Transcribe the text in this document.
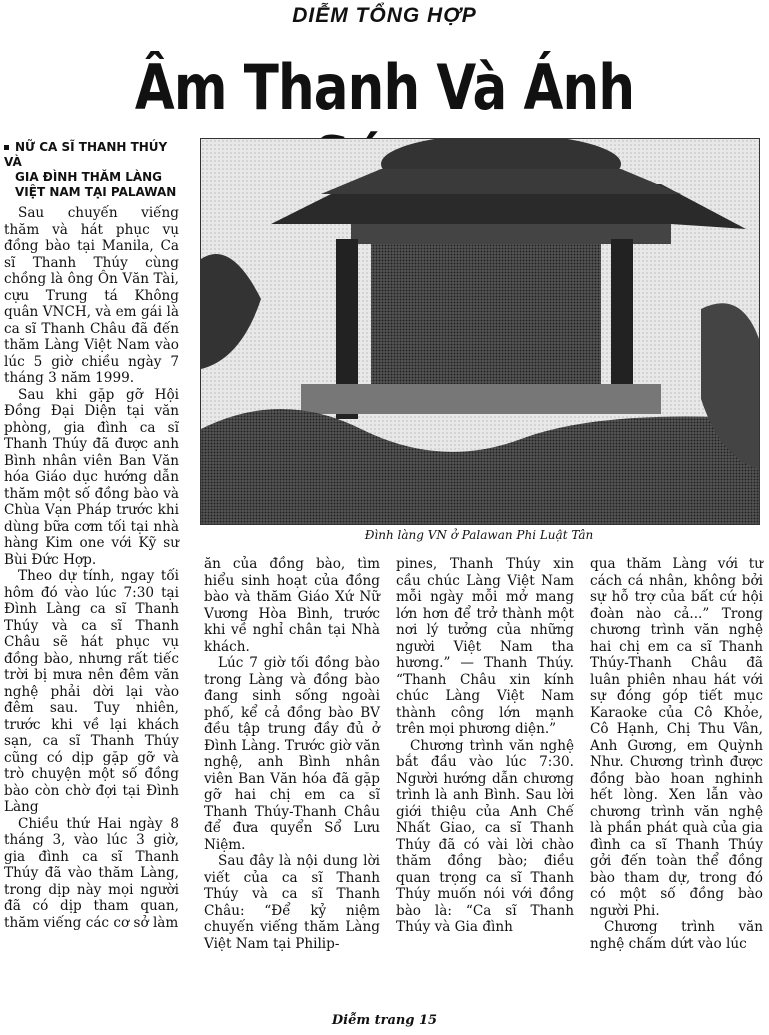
DIỄM TỔNG HỢP
Âm Thanh Và Ánh
NỮ CA SĨ THANH THÚY VÀ
GIA ĐÌNH THĂM LÀNG
VIỆT NAM TẠI PALAWAN
Đình làng VN ở Palawan Phi Luật Tân

Sau chuyến viếng thăm và hát phục vụ đồng bào tại Manila, Ca sĩ Thanh Thúy cùng chồng là ông Ôn Văn Tài, cựu Trung tá Không quân VNCH, và em gái là ca sĩ Thanh Châu đã đến thăm Làng Việt Nam vào lúc 5 giờ chiều ngày 7 tháng 3 năm 1999.

Sau khi gặp gỡ Hội Đồng Đại Diện tại văn phòng, gia đình ca sĩ Thanh Thúy đã được anh Bình nhân viên Ban Văn hóa Giáo dục hướng dẫn thăm một số đồng bào và Chùa Vạn Pháp trước khi dùng bữa cơm tối tại nhà hàng Kim one với Kỹ sư Bùi Đức Hợp.

Theo dự tính, ngay tối hôm đó vào lúc 7:30 tại Đình Làng ca sĩ Thanh Thúy và ca sĩ Thanh Châu sẽ hát phục vụ đồng bào, nhưng rất tiếc trời bị mưa nên đêm văn nghệ phải dời lại vào đêm sau. Tuy nhiên, trước khi về lại khách sạn, ca sĩ Thanh Thúy cũng có dịp gặp gỡ và trò chuyện một số đồng bào còn chờ đợi tại Đình Làng

Chiều thứ Hai ngày 8 tháng 3, vào lúc 3 giờ, gia đình ca sĩ Thanh Thúy đã vào thăm Làng, trong dịp này mọi người đã có dịp tham quan, thăm viếng các cơ sở làm

ăn của đồng bào, tìm hiểu sinh hoạt của đồng bào và thăm Giáo Xứ Nữ Vương Hòa Bình, trước khi về nghỉ chân tại Nhà khách.

Lúc 7 giờ tối đồng bào trong Làng và đồng bào đang sinh sống ngoài phố, kể cả đồng bào BV đều tập trung đầy đủ ở Đình Làng. Trước giờ văn nghệ, anh Bình nhân viên Ban Văn hóa đã gặp gỡ hai chị em ca sĩ Thanh Thúy-Thanh Châu để đưa quyển Sổ Lưu Niệm.

Sau đây là nội dung lời viết của ca sĩ Thanh Thúy và ca sĩ Thanh Châu: “Để kỷ niệm chuyến viếng thăm Làng Việt Nam tại Philip-

pines, Thanh Thúy xin cầu chúc Làng Việt Nam mỗi ngày mỗi mở mang lớn hơn để trở thành một nơi lý tưởng của những người Việt Nam tha hương.” — Thanh Thúy. “Thanh Châu xin kính chúc Làng Việt Nam thành công lớn mạnh trên mọi phương diện.”

Chương trình văn nghệ bắt đầu vào lúc 7:30. Người hướng dẫn chương trình là anh Bình. Sau lời giới thiệu của Anh Chế Nhất Giao, ca sĩ Thanh Thúy đã có vài lời chào thăm đồng bào; điều quan trọng ca sĩ Thanh Thúy muốn nói với đồng bào là: “Ca sĩ Thanh Thúy và Gia đình

qua thăm Làng với tư cách cá nhân, không bởi sự hỗ trợ của bất cứ hội đoàn nào cả...” Trong chương trình văn nghệ hai chị em ca sĩ Thanh Thúy-Thanh Châu đã luân phiên nhau hát với sự đóng góp tiết mục Karaoke của Cô Khỏe, Cô Hạnh, Chị Thu Vân, Anh Gương, em Quỳnh Như. Chương trình được đồng bào hoan nghinh hết lòng. Xen lẫn vào chương trình văn nghệ là phần phát quà của gia đình ca sĩ Thanh Thúy gởi đến toàn thể đồng bào tham dự, trong đó có một số đồng bào người Phi.

Chương trình văn nghệ chấm dứt vào lúc

Diễm trang 15
